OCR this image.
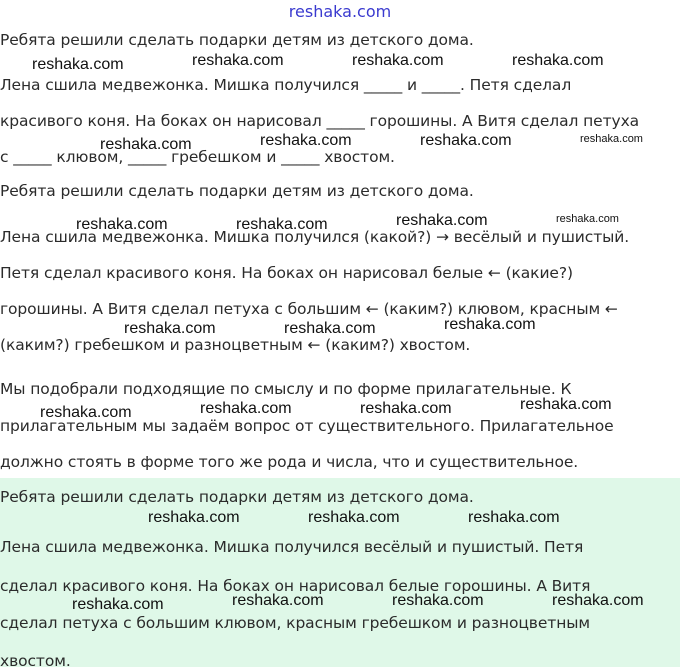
reshaka.com
Ребята решили сделать подарки детям из детского дома.
Лена сшила медвежонка. Мишка получился _____ и _____. Петя сделал
красивого коня. На боках он нарисовал _____ горошины. А Витя сделал петуха
с _____ клювом, _____ гребешком и _____ хвостом.
Ребята решили сделать подарки детям из детского дома.
Лена сшила медвежонка. Мишка получился (какой?) → весёлый и пушистый.
Петя сделал красивого коня. На боках он нарисовал белые ← (какие?)
горошины. А Витя сделал петуха с большим ← (каким?) клювом, красным ←
(каким?) гребешком и разноцветным ← (каким?) хвостом.
Мы подобрали подходящие по смыслу и по форме прилагательные. К
прилагательным мы задаём вопрос от существительного. Прилагательное
должно стоять в форме того же рода и числа, что и существительное.
Ребята решили сделать подарки детям из детского дома.
Лена сшила медвежонка. Мишка получился весёлый и пушистый. Петя
сделал красивого коня. На боках он нарисовал белые горошины. А Витя
сделал петуха с большим клювом, красным гребешком и разноцветным
хвостом.
reshaka.com	reshaka.com	reshaka.com	reshaka.com
reshaka.com	reshaka.com	reshaka.com	reshaka.com
reshaka.com	reshaka.com	reshaka.com	reshaka.com
reshaka.com	reshaka.com	reshaka.com
reshaka.com	reshaka.com	reshaka.com	reshaka.com
reshaka.com	reshaka.com	reshaka.com
reshaka.com	reshaka.com	reshaka.com	reshaka.com
